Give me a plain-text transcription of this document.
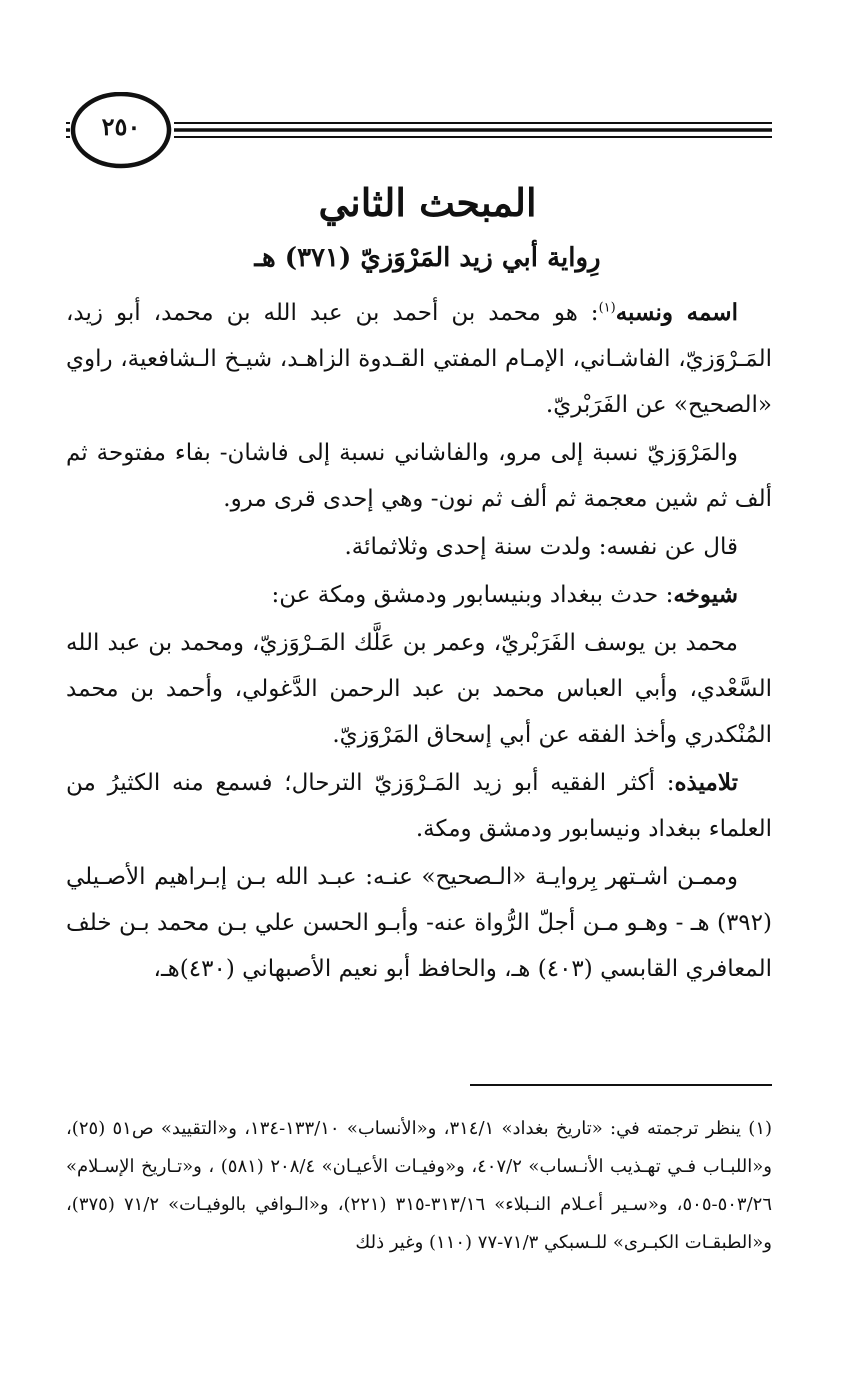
٢٥٠
المبحث الثاني
رِواية أبي زيد المَرْوَزيّ (٣٧١) هـ

اسمه ونسبه$^{(١)}$: هو محمد بن أحمد بن عبد الله بن محمد، أبو زيد، المَـرْوَزيّ، الفاشـاني، الإمـام المفتي القـدوة الزاهـد، شيـخ الـشافعية، راوي «الصحيح» عن الفَرَبْريّ.

والمَرْوَزيّ نسبة إلى مرو، والفاشاني نسبة إلى فاشان- بفاء مفتوحة ثم ألف ثم شين معجمة ثم ألف ثم نون- وهي إحدى قرى مرو.

قال عن نفسه: ولدت سنة إحدى وثلاثمائة.

شيوخه: حدث ببغداد وبنيسابور ودمشق ومكة عن:

محمد بن يوسف الفَرَبْريّ، وعمر بن عَلَّك المَـرْوَزيّ، ومحمد بن عبد الله السَّعْدي، وأبي العباس محمد بن عبد الرحمن الدَّغولي، وأحمد بن محمد المُنْكدري وأخذ الفقه عن أبي إسحاق المَرْوَزيّ.

تلاميذه: أكثر الفقيه أبو زيد المَـرْوَزيّ الترحال؛ فسمع منه الكثيرُ من العلماء ببغداد ونيسابور ودمشق ومكة.

وممـن اشـتهر بِروايـة «الـصحيح» عنـه: عبـد الله بـن إبـراهيم الأصـيلي (٣٩٢) هـ - وهـو مـن أجلّ الرُّواة عنه- وأبـو الحسن علي بـن محمد بـن خلف المعافري القابسي (٤٠٣) هـ، والحافظ أبو نعيم الأصبهاني (٤٣٠)هـ،

(١) ينظر ترجمته في: «تاريخ بغداد» ٣١٤/١، و«الأنساب» ١٣٣/١٠-١٣٤، و«التقييد» ص٥١ (٢٥)، و«اللبـاب فـي تهـذيب الأنـساب» ٤٠٧/٢، و«وفيـات الأعيـان» ٢٠٨/٤ (٥٨١) ، و«تـاريخ الإسـلام» ٥٠٣/٢٦-٥٠٥، و«سـير أعـلام النـبلاء» ٣١٣/١٦-٣١٥ (٢٢١)، و«الـوافي بالوفيـات» ٧١/٢ (٣٧٥)، و«الطبقـات الكبـرى» للـسبكي ٧١/٣-٧٧ (١١٠) وغير ذلك
